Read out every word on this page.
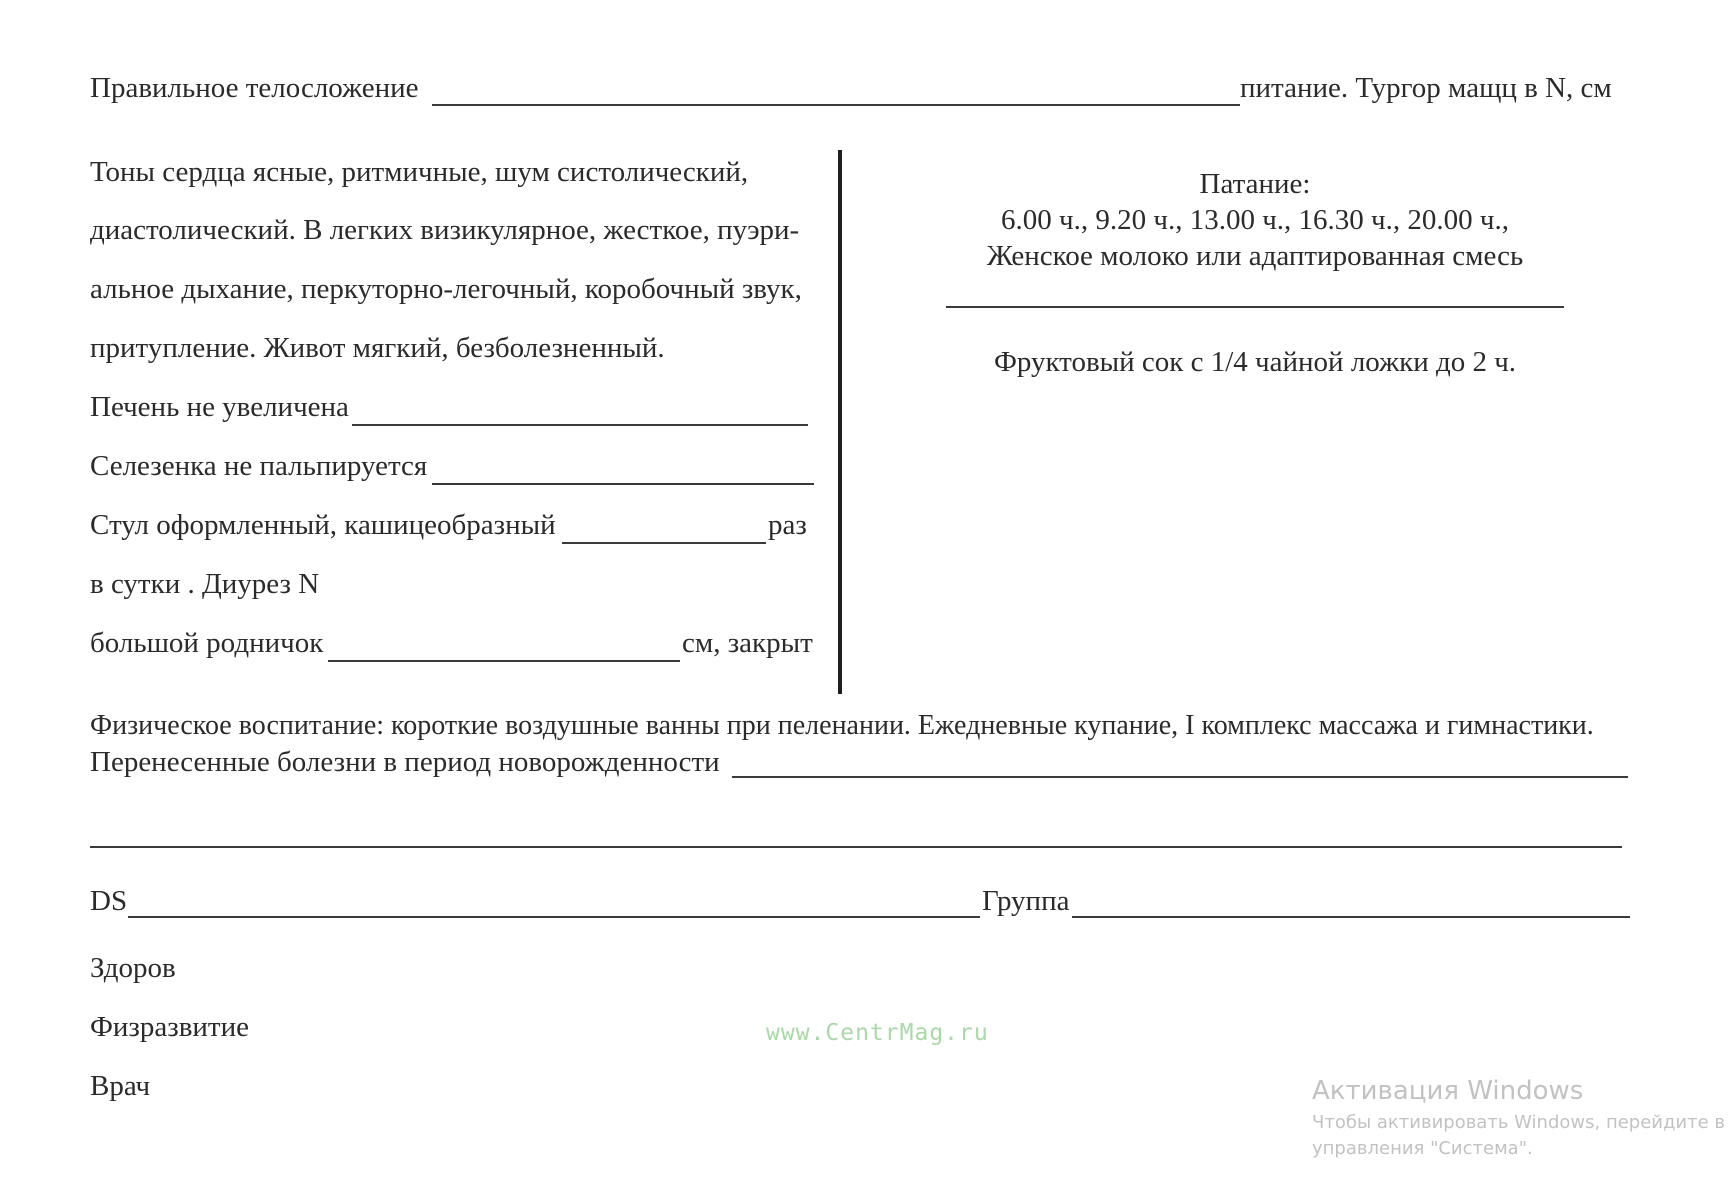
Правильное телосложение	питание. Тургор мащц в N, см
Тоны сердца ясные, ритмичные, шум систолический,
диастолический. В легких визикулярное, жесткое, пуэри-
альное дыхание, перкуторно-легочный, коробочный звук,
притупление. Живот мягкий, безболезненный.
Печень не увеличена
Селезенка не пальпируется
Стул оформленный, кашицеобразный	раз
в сутки . Диурез N
большой родничок	см, закрыт
Патание:
6.00 ч., 9.20 ч., 13.00 ч., 16.30 ч., 20.00 ч.,
Женское молоко или адаптированная смесь
Фруктовый сок с 1/4 чайной ложки до 2 ч.
Физическое воспитание: короткие воздушные ванны при пеленании. Ежедневные купание, I комплекс массажа и гимнастики.
Перенесенные болезни в период новорожденности
DS	Группа
Здоров
Физразвитие
Врач
www.CentrMag.ru
Активация Windows
Чтобы активировать Windows, перейдите в
управления "Система".
